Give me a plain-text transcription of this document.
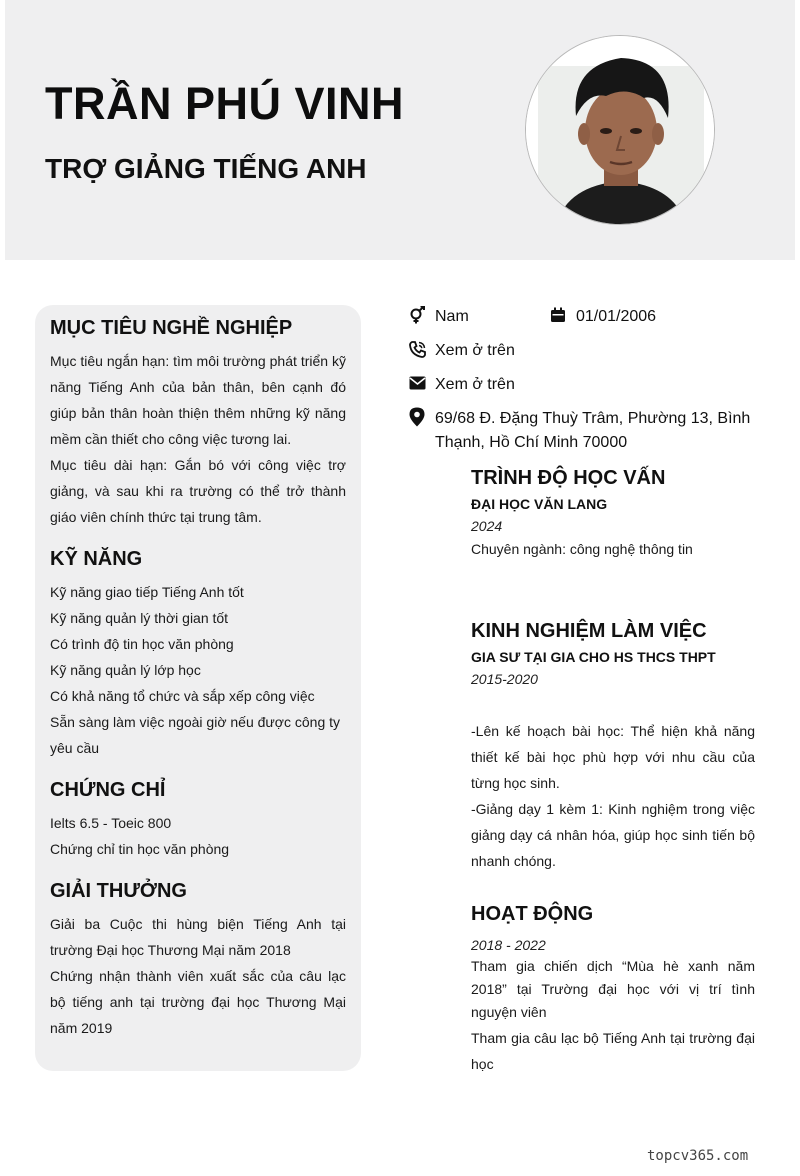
TRẦN PHÚ VINH
TRỢ GIẢNG TIẾNG ANH
MỤC TIÊU NGHỀ NGHIỆP
Mục tiêu ngắn hạn: tìm môi trường phát triển kỹ năng Tiếng Anh của bản thân, bên cạnh đó giúp bản thân hoàn thiện thêm những kỹ năng mềm cần thiết cho công việc tương lai.
Mục tiêu dài hạn: Gắn bó với công việc trợ giảng, và sau khi ra trường có thể trở thành giáo viên chính thức tại trung tâm.
KỸ NĂNG
Kỹ năng giao tiếp Tiếng Anh tốt
Kỹ năng quản lý thời gian tốt
Có trình độ tin học văn phòng
Kỹ năng quản lý lớp học
Có khả năng tổ chức và sắp xếp công việc
Sẵn sàng làm việc ngoài giờ nếu được công ty yêu cầu
CHỨNG CHỈ
Ielts 6.5 - Toeic 800
Chứng chỉ tin học văn phòng
GIẢI THƯỞNG
Giải ba Cuộc thi hùng biện Tiếng Anh tại trường Đại học Thương Mại năm 2018
Chứng nhận thành viên xuất sắc của câu lạc bộ tiếng anh tại trường đại học Thương Mại năm 2019
Nam	01/01/2006
Xem ở trên
Xem ở trên
69/68 Đ. Đặng Thuỳ Trâm, Phường 13, Bình Thạnh, Hồ Chí Minh 70000
TRÌNH ĐỘ HỌC VẤN
ĐẠI HỌC VĂN LANG
2024
Chuyên ngành: công nghệ thông tin
KINH NGHIỆM LÀM VIỆC
GIA SƯ TẠI GIA CHO HS THCS THPT
2015-2020
-Lên kế hoạch bài học: Thể hiện khả năng thiết kế bài học phù hợp với nhu cầu của từng học sinh.
-Giảng dạy 1 kèm 1: Kinh nghiệm trong việc giảng dạy cá nhân hóa, giúp học sinh tiến bộ nhanh chóng.
HOẠT ĐỘNG
2018 - 2022
Tham gia chiến dịch “Mùa hè xanh năm 2018” tại Trường đại học với vị trí tình nguyện viên
Tham gia câu lạc bộ Tiếng Anh tại trường đại học
topcv365.com
